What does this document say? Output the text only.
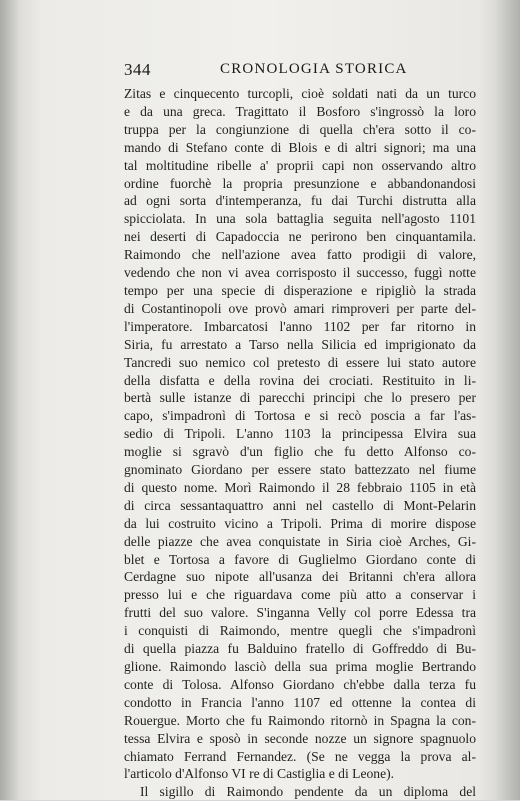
344	CRONOLOGIA STORICA
Zitas e cinquecento turcopli, cioè soldati nati da un turco
e da una greca. Tragittato il Bosforo s'ingrossò la loro
truppa per la congiunzione di quella ch'era sotto il co-
mando di Stefano conte di Blois e di altri signori; ma una
tal moltitudine ribelle a' proprii capi non osservando altro
ordine fuorchè la propria presunzione e abbandonandosi
ad ogni sorta d'intemperanza, fu dai Turchi distrutta alla
spicciolata. In una sola battaglia seguita nell'agosto 1101
nei deserti di Capadoccia ne perirono ben cinquantamila.
Raimondo che nell'azione avea fatto prodigii di valore,
vedendo che non vi avea corrisposto il successo, fuggì notte
tempo per una specie di disperazione e ripigliò la strada
di Costantinopoli ove provò amari rimproveri per parte del-
l'imperatore. Imbarcatosi l'anno 1102 per far ritorno in
Siria, fu arrestato a Tarso nella Silicia ed imprigionato da
Tancredi suo nemico col pretesto di essere lui stato autore
della disfatta e della rovina dei crociati. Restituito in li-
bertà sulle istanze di parecchi principi che lo presero per
capo, s'impadronì di Tortosa e si recò poscia a far l'as-
sedio di Tripoli. L'anno 1103 la principessa Elvira sua
moglie si sgravò d'un figlio che fu detto Alfonso co-
gnominato Giordano per essere stato battezzato nel fiume
di questo nome. Morì Raimondo il 28 febbraio 1105 in età
di circa sessantaquattro anni nel castello di Mont-Pelarin
da lui costruito vicino a Tripoli. Prima di morire dispose
delle piazze che avea conquistate in Siria cioè Arches, Gi-
blet e Tortosa a favore di Guglielmo Giordano conte di
Cerdagne suo nipote all'usanza dei Britanni ch'era allora
presso lui e che riguardava come più atto a conservar i
frutti del suo valore. S'inganna Velly col porre Edessa tra
i conquisti di Raimondo, mentre quegli che s'impadronì
di quella piazza fu Balduino fratello di Goffreddo di Bu-
glione. Raimondo lasciò della sua prima moglie Bertrando
conte di Tolosa. Alfonso Giordano ch'ebbe dalla terza fu
condotto in Francia l'anno 1107 ed ottenne la contea di
Rouergue. Morto che fu Raimondo ritornò in Spagna la con-
tessa Elvira e sposò in seconde nozze un signore spagnuolo
chiamato Ferrand Fernandez. (Se ne vegga la prova al-
l'articolo d'Alfonso VI re di Castiglia e di Leone).
Il sigillo di Raimondo pendente da un diploma del
